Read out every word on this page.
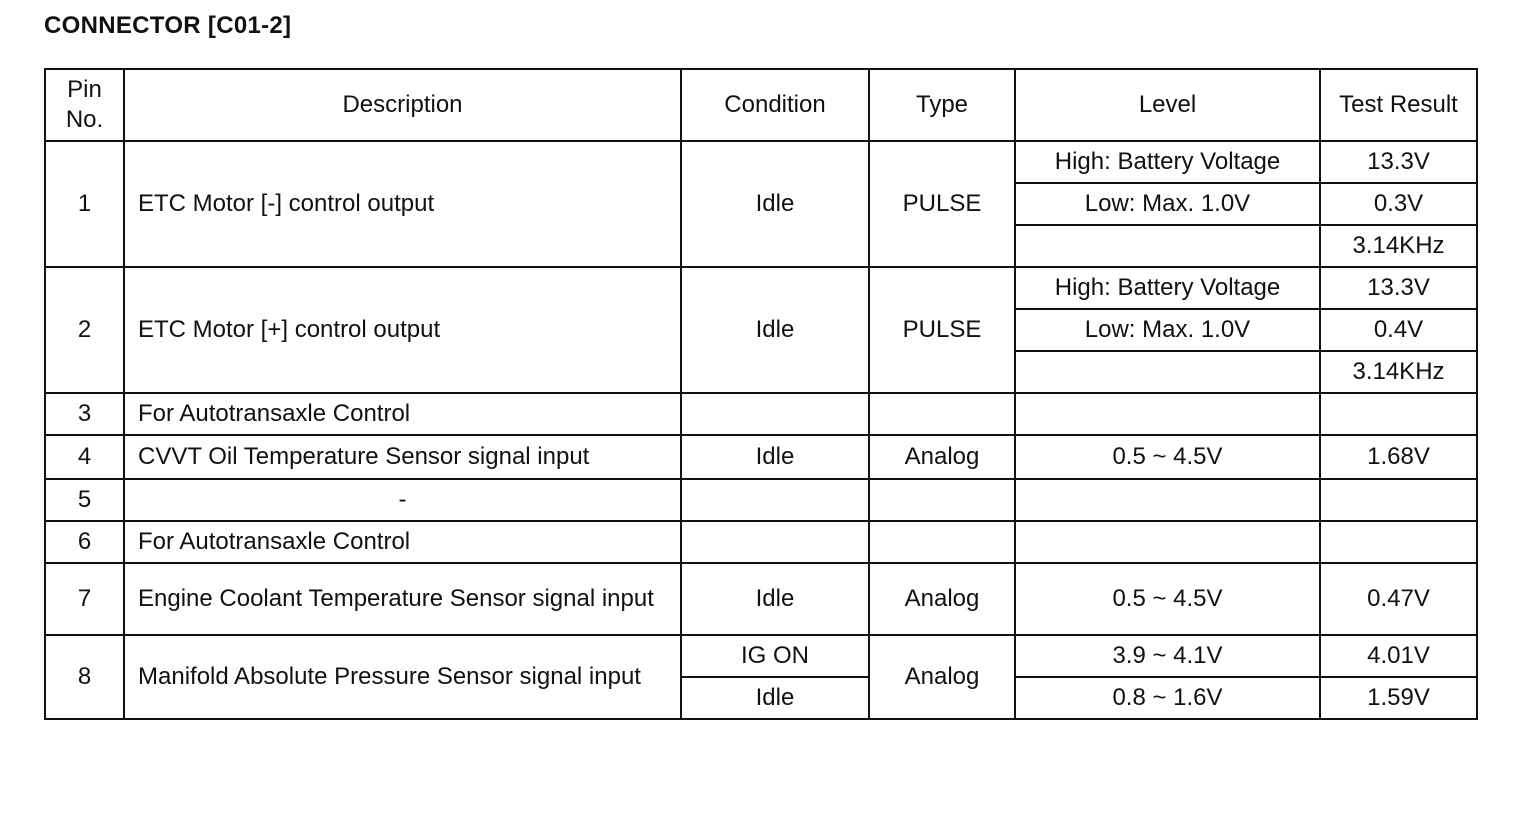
CONNECTOR [C01-2]
Pin No.	Description	Condition	Type	Level	Test Result
1	ETC Motor [-] control output	Idle	PULSE	High: Battery Voltage	13.3V
				Low: Max. 1.0V	0.3V
					3.14KHz
2	ETC Motor [+] control output	Idle	PULSE	High: Battery Voltage	13.3V
				Low: Max. 1.0V	0.4V
					3.14KHz
3	For Autotransaxle Control				
4	CVVT Oil Temperature Sensor signal input	Idle	Analog	0.5 ~ 4.5V	1.68V
5	-				
6	For Autotransaxle Control				
7	Engine Coolant Temperature Sensor signal input	Idle	Analog	0.5 ~ 4.5V	0.47V
8	Manifold Absolute Pressure Sensor signal input	IG ON	Analog	3.9 ~ 4.1V	4.01V
		Idle		0.8 ~ 1.6V	1.59V
